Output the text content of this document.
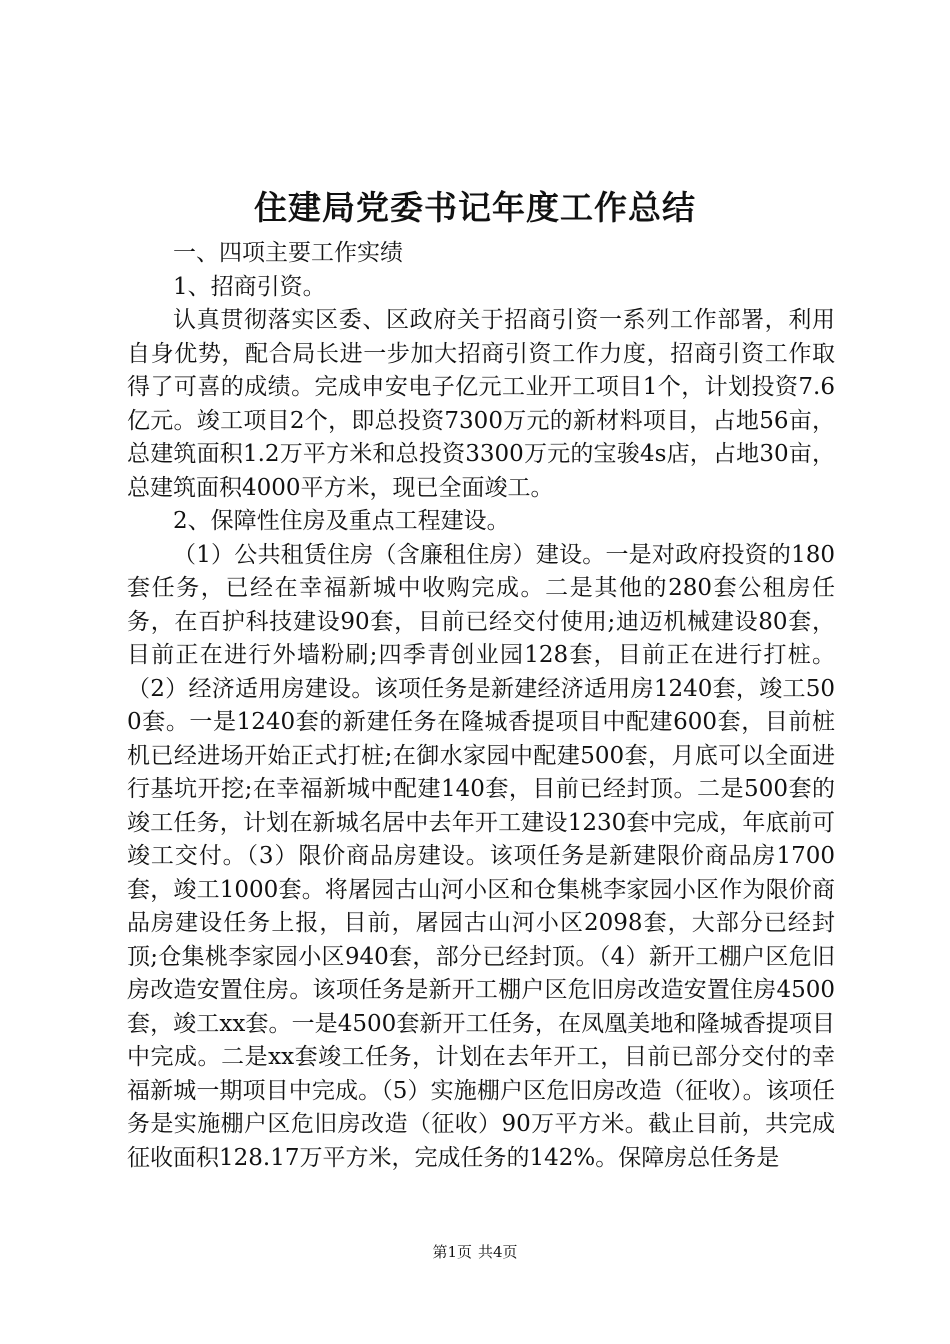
住建局党委书记年度工作总结

一、四项主要工作实绩

1、招商引资。

认真贯彻落实区委、区政府关于招商引资一系列工作部署，利用自身优势，配合局长进一步加大招商引资工作力度，招商引资工作取得了可喜的成绩。完成申安电子亿元工业开工项目1个，计划投资7.6亿元。竣工项目2个，即总投资7300万元的新材料项目，占地56亩，总建筑面积1.2万平方米和总投资3300万元的宝骏4s店，占地30亩，总建筑面积4000平方米，现已全面竣工。

2、保障性住房及重点工程建设。

（1）公共租赁住房（含廉租住房）建设。一是对政府投资的180套任务，已经在幸福新城中收购完成。二是其他的280套公租房任务，在百护科技建设90套，目前已经交付使用;迪迈机械建设80套，目前正在进行外墙粉刷;四季青创业园128套，目前正在进行打桩。（2）经济适用房建设。该项任务是新建经济适用房1240套，竣工500套。一是1240套的新建任务在隆城香提项目中配建600套，目前桩机已经进场开始正式打桩;在御水家园中配建500套，月底可以全面进行基坑开挖;在幸福新城中配建140套，目前已经封顶。二是500套的竣工任务，计划在新城名居中去年开工建设1230套中完成，年底前可竣工交付。（3）限价商品房建设。该项任务是新建限价商品房1700套，竣工1000套。将屠园古山河小区和仓集桃李家园小区作为限价商品房建设任务上报，目前，屠园古山河小区2098套，大部分已经封顶;仓集桃李家园小区940套，部分已经封顶。（4）新开工棚户区危旧房改造安置住房。该项任务是新开工棚户区危旧房改造安置住房4500套，竣工xx套。一是4500套新开工任务，在凤凰美地和隆城香提项目中完成。二是xx套竣工任务，计划在去年开工，目前已部分交付的幸福新城一期项目中完成。（5）实施棚户区危旧房改造（征收）。该项任务是实施棚户区危旧房改造（征收）90万平方米。截止目前，共完成征收面积128.17万平方米，完成任务的142%。保障房总任务是

第1页 共4页
